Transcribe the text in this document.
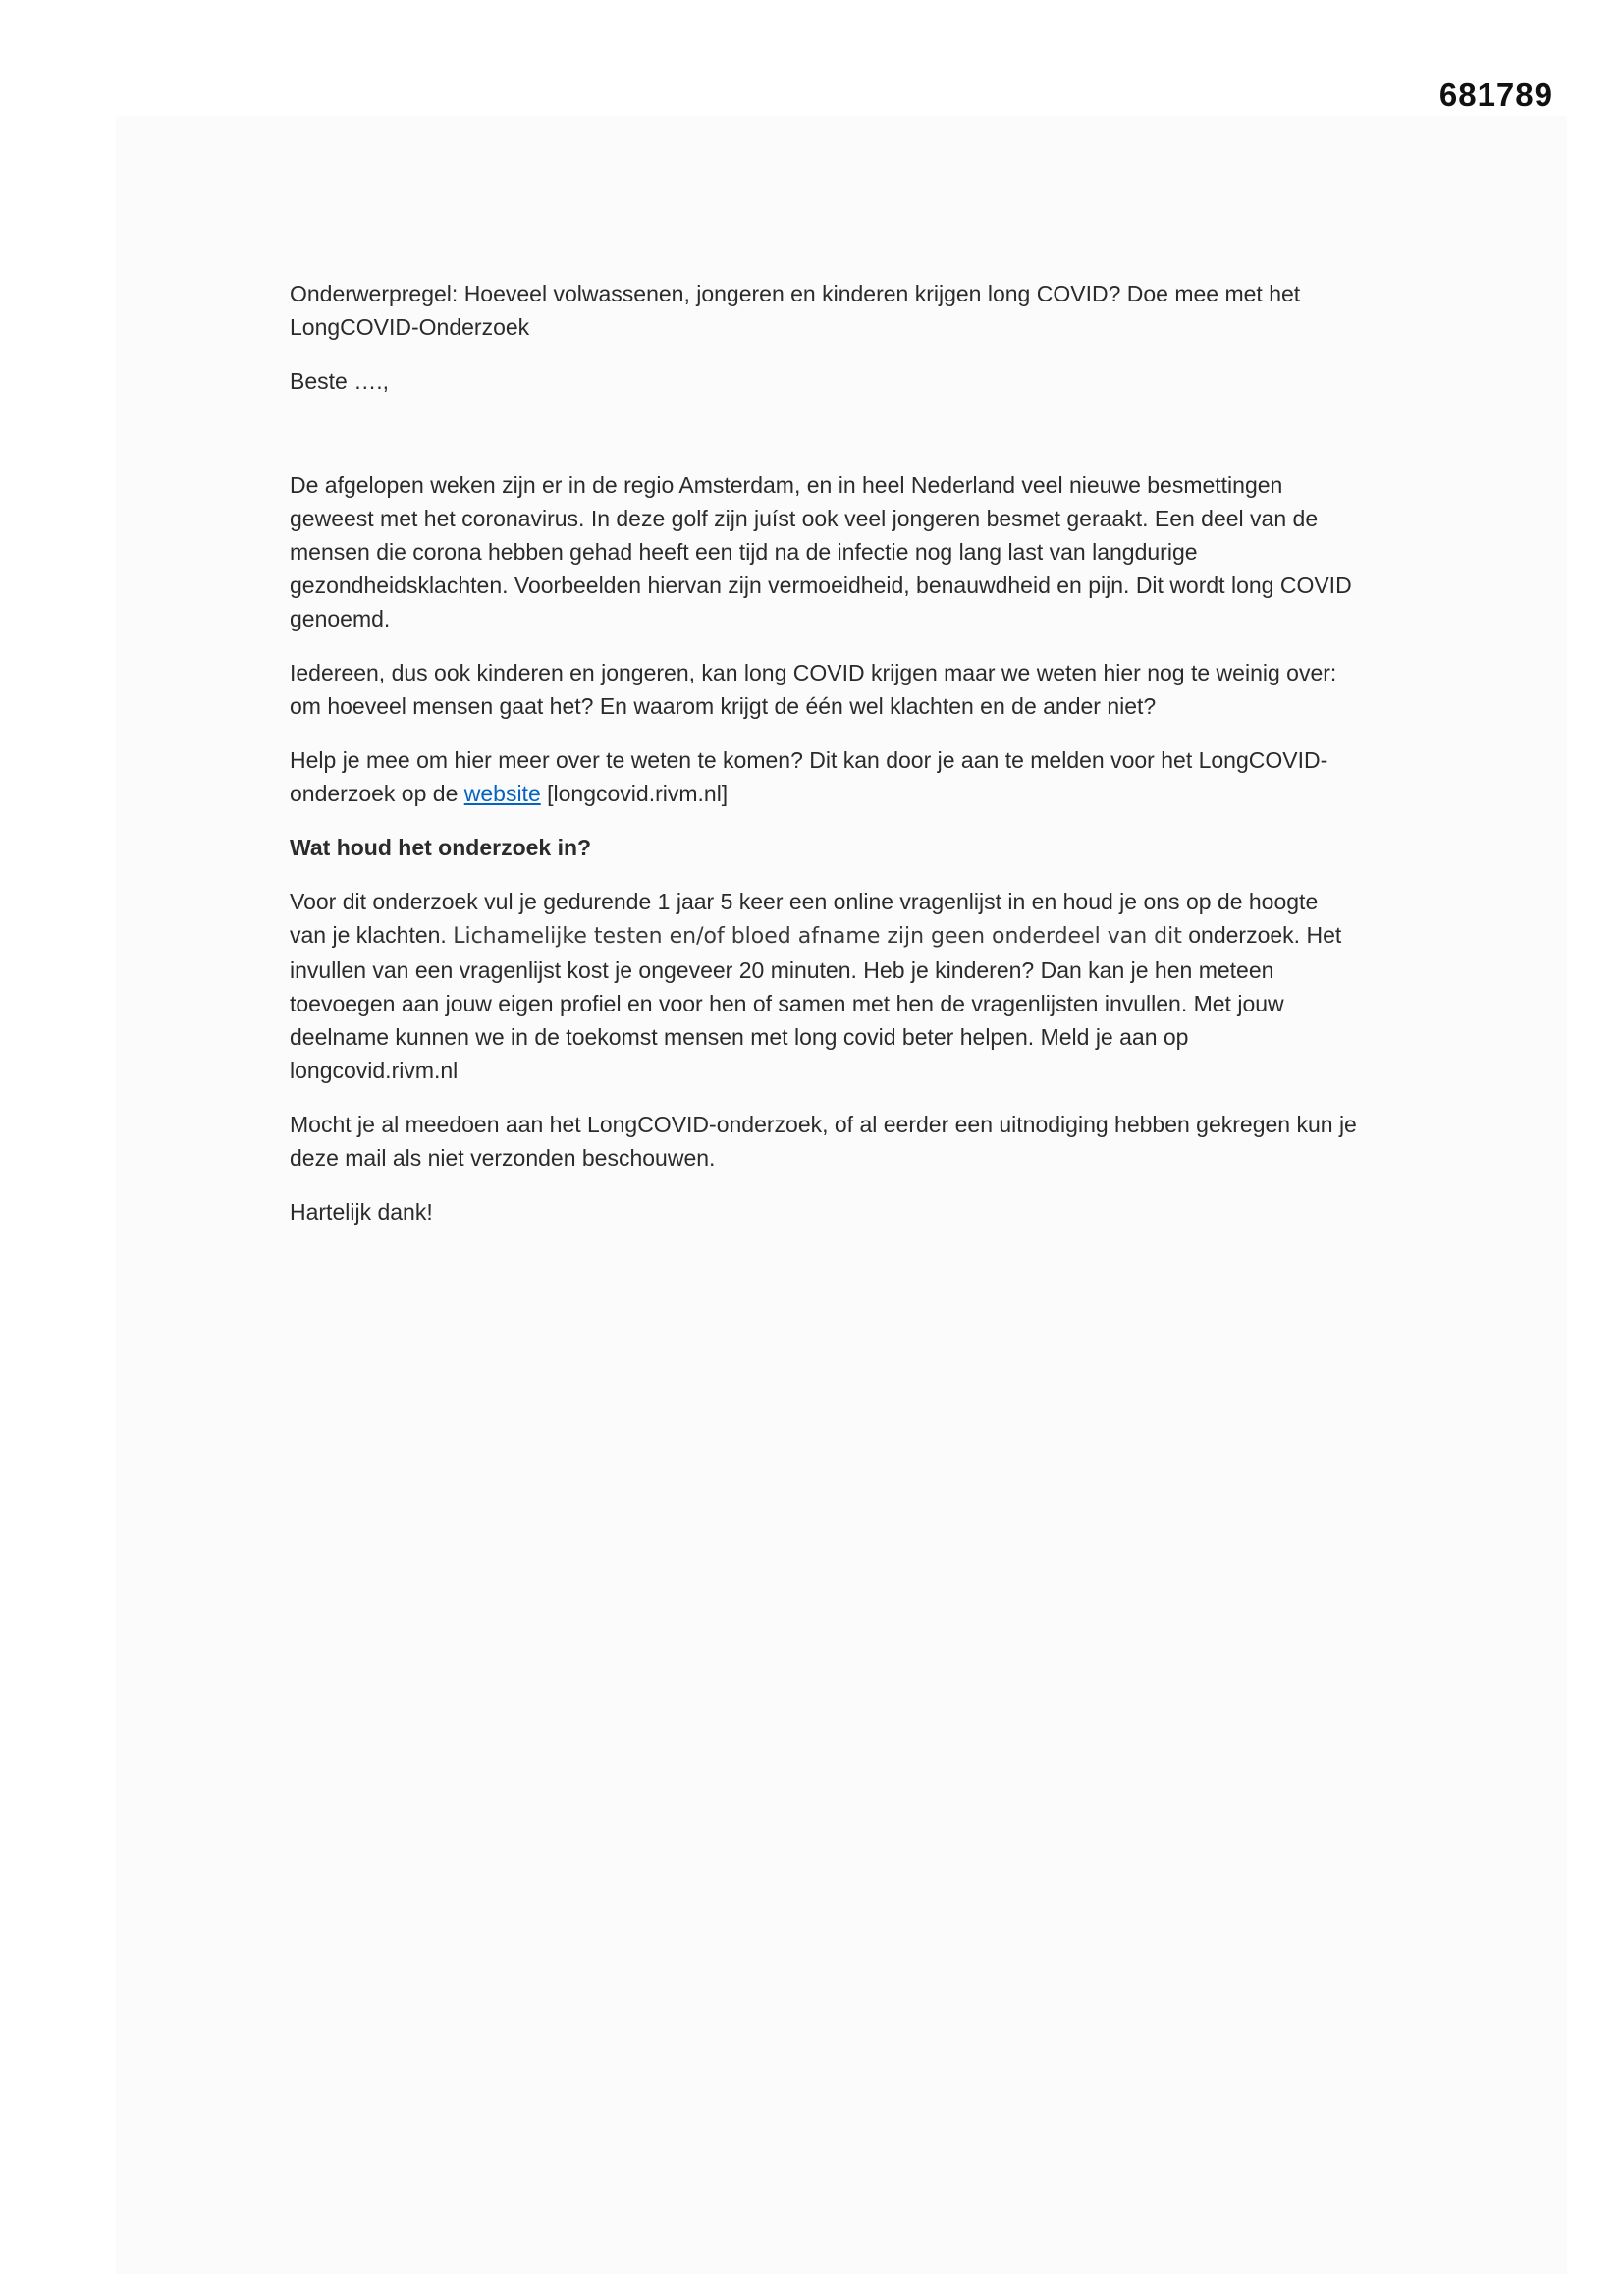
681789

Onderwerpregel: Hoeveel volwassenen, jongeren en kinderen krijgen long COVID? Doe mee met het LongCOVID-Onderzoek

Beste ….,

De afgelopen weken zijn er in de regio Amsterdam, en in heel Nederland veel nieuwe besmettingen geweest met het coronavirus. In deze golf zijn juíst ook veel jongeren besmet geraakt. Een deel van de mensen die corona hebben gehad heeft een tijd na de infectie nog lang last van langdurige gezondheidsklachten. Voorbeelden hiervan zijn vermoeidheid, benauwdheid en pijn. Dit wordt long COVID genoemd.

Iedereen, dus ook kinderen en jongeren, kan long COVID krijgen maar we weten hier nog te weinig over: om hoeveel mensen gaat het? En waarom krijgt de één wel klachten en de ander niet?

Help je mee om hier meer over te weten te komen? Dit kan door je aan te melden voor het LongCOVID-onderzoek op de website [longcovid.rivm.nl]

Wat houd het onderzoek in?

Voor dit onderzoek vul je gedurende 1 jaar 5 keer een online vragenlijst in en houd je ons op de hoogte van je klachten. Lichamelijke testen en/of bloed afname zijn geen onderdeel van dit onderzoek. Het invullen van een vragenlijst kost je ongeveer 20 minuten. Heb je kinderen? Dan kan je hen meteen toevoegen aan jouw eigen profiel en voor hen of samen met hen de vragenlijsten invullen. Met jouw deelname kunnen we in de toekomst mensen met long covid beter helpen. Meld je aan op longcovid.rivm.nl

Mocht je al meedoen aan het LongCOVID-onderzoek, of al eerder een uitnodiging hebben gekregen kun je deze mail als niet verzonden beschouwen.

Hartelijk dank!
